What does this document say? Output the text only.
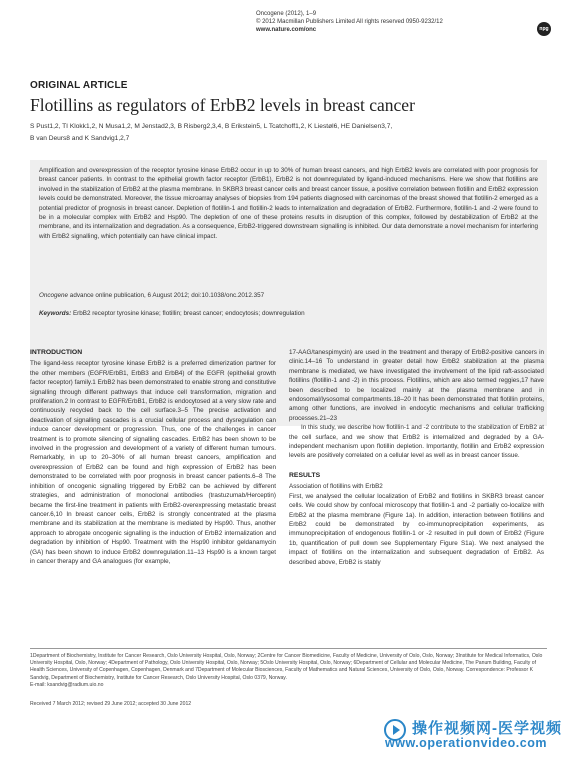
Oncogene (2012), 1–9
© 2012 Macmillan Publishers Limited All rights reserved 0950-9232/12
www.nature.com/onc	npg
ORIGINAL ARTICLE
Flotillins as regulators of ErbB2 levels in breast cancer
S Pust1,2, TI Klokk1,2, N Musa1,2, M Jenstad2,3, B Risberg2,3,4, B Erikstein5, L Tcatchoff1,2, K Liestøl6, HE Danielsen3,7,
B van Deurs8 and K Sandvig1,2,7

Amplification and overexpression of the receptor tyrosine kinase ErbB2 occur in up to 30% of human breast cancers, and high ErbB2 levels are correlated with poor prognosis for breast cancer patients. In contrast to the epithelial growth factor receptor (ErbB1), ErbB2 is not downregulated by ligand-induced mechanisms. Here we show that flotillins are involved in the stabilization of ErbB2 at the plasma membrane. In SKBR3 breast cancer cells and breast cancer tissue, a positive correlation between flotillin and ErbB2 expression levels could be demonstrated. Moreover, the tissue microarray analyses of biopsies from 194 patients diagnosed with carcinomas of the breast showed that flotillin-2 emerged as a potential predictor of prognosis in breast cancer. Depletion of flotillin-1 and flotillin-2 leads to internalization and degradation of ErbB2. Furthermore, flotillin-1 and -2 were found to be in a molecular complex with ErbB2 and Hsp90. The depletion of one of these proteins results in disruption of this complex, followed by destabilization of ErbB2 at the membrane, and its internalization and degradation. As a consequence, ErbB2-triggered downstream signalling is inhibited. Our data demonstrate a novel mechanism for interfering with ErbB2 signalling, which potentially can have clinical impact.

Oncogene advance online publication, 6 August 2012; doi:10.1038/onc.2012.357
Keywords: ErbB2 receptor tyrosine kinase; flotillin; breast cancer; endocytosis; downregulation
INTRODUCTION

The ligand-less receptor tyrosine kinase ErbB2 is a preferred dimerization partner for the other members (EGFR/ErbB1, ErbB3 and ErbB4) of the EGFR (epithelial growth factor receptor) family.1 ErbB2 has been demonstrated to enable strong and constitutive signalling through different pathways that induce cell transformation, migration and proliferation.2 In contrast to EGFR/ErbB1, ErbB2 is endocytosed at a very slow rate and continuously recycled back to the cell surface.3–5 The precise activation and deactivation of signalling cascades is a crucial cellular process and dysregulation can induce cancer development or progression. Thus, one of the challenges in cancer treatment is to promote silencing of signalling cascades. ErbB2 has been shown to be involved in the progression and development of a variety of different human tumours. Remarkably, in up to 20–30% of all human breast cancers, amplification and overexpression of ErbB2 can be found and high expression of ErbB2 has been demonstrated to be correlated with poor prognosis in breast cancer patients.6–8 The inhibition of oncogenic signalling triggered by ErbB2 can be achieved by different strategies, and administration of monoclonal antibodies (trastuzumab/Herceptin) became the first-line treatment in patients with ErbB2-overexpressing metastatic breast cancer.6,10 In breast cancer cells, ErbB2 is strongly concentrated at the plasma membrane and its stabilization at the membrane is mediated by Hsp90. Thus, another approach to abrogate oncogenic signalling is the induction of ErbB2 internalization and degradation by inhibition of Hsp90. Treatment with the Hsp90 inhibitor geldanamycin (GA) has been shown to induce ErbB2 downregulation.11–13 Hsp90 is a known target in cancer therapy and GA analogues (for example,

17-AAG/tanespimycin) are used in the treatment and therapy of ErbB2-positive cancers in clinic.14–16 To understand in greater detail how ErbB2 stabilization at the plasma membrane is mediated, we have investigated the involvement of the lipid raft-associated flotillins (flotillin-1 and -2) in this process. Flotillins, which are also termed reggies,17 have been described to be localized mainly at the plasma membrane and in endosomal/lysosomal compartments.18–20 It has been demonstrated that flotillin proteins, among other functions, are involved in endocytic mechanisms and cellular trafficking processes.21–23

In this study, we describe how flotillin-1 and -2 contribute to the stabilization of ErbB2 at the cell surface, and we show that ErbB2 is internalized and degraded by a GA-independent mechanism upon flotillin depletion. Importantly, flotillin and ErbB2 expression levels are positively correlated on a cellular level as well as in breast cancer tissue.

RESULTS
Association of flotillins with ErbB2

First, we analysed the cellular localization of ErbB2 and flotillins in SKBR3 breast cancer cells. We could show by confocal microscopy that flotillin-1 and -2 partially co-localize with ErbB2 at the plasma membrane (Figure 1a). In addition, interaction between flotillins and ErbB2 could be demonstrated by co-immunoprecipitation experiments, as immunoprecipitation of endogenous flotillin-1 or -2 resulted in pull down of ErbB2 (Figure 1b, quantification of pull down see Supplementary Figure S1a). We next analysed the impact of flotillins on the internalization and subsequent degradation of ErbB2. As described above, ErbB2 is stably

1Department of Biochemistry, Institute for Cancer Research, Oslo University Hospital, Oslo, Norway; 2Centre for Cancer Biomedicine, Faculty of Medicine, University of Oslo, Oslo, Norway; 3Institute for Medical Informatics, Oslo University Hospital, Oslo, Norway; 4Department of Pathology, Oslo University Hospital, Oslo, Norway; 5Oslo University Hospital, Oslo, Norway; 6Department of Cellular and Molecular Medicine, The Panum Building, Faculty of Health Sciences, University of Copenhagen, Copenhagen, Denmark and 7Department of Molecular Biosciences, Faculty of Mathematics and Natural Sciences, University of Oslo, Oslo, Norway. Correspondence: Professor K Sandvig, Department of Biochemistry, Institute for Cancer Research, Oslo University Hospital, Oslo 0379, Norway.

E-mail: ksandvig@radium.uio.no

Received 7 March 2012; revised 29 June 2012; accepted 30 June 2012
操作视频网-医学视频
www.operationvideo.com
